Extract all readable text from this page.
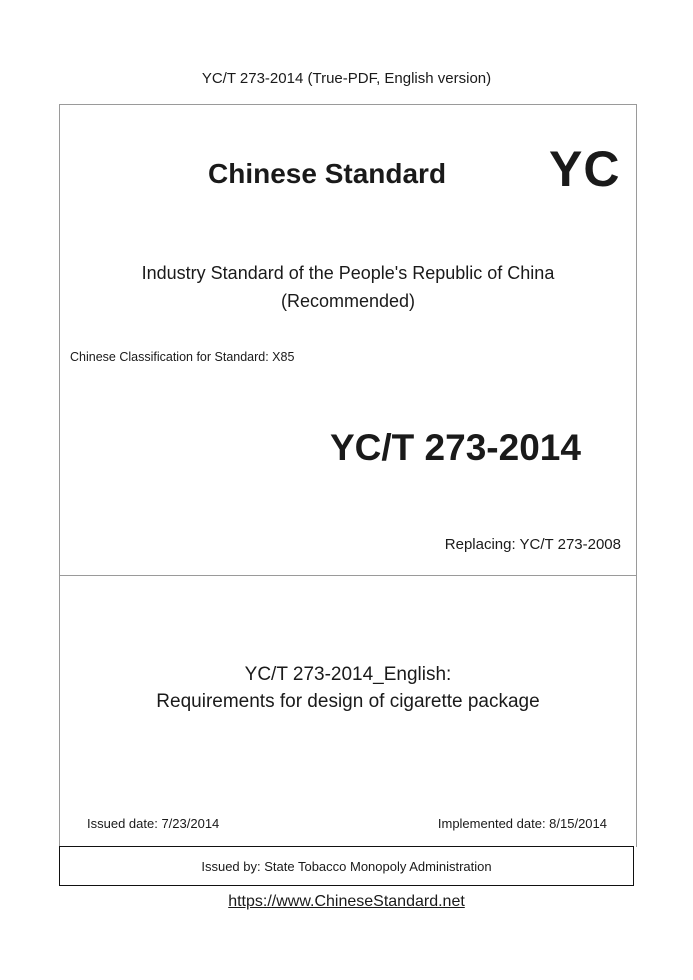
YC/T 273-2014 (True-PDF, English version)
Chinese Standard YC
Industry Standard of the People's Republic of China
(Recommended)
Chinese Classification for Standard: X85
YC/T 273-2014
Replacing: YC/T 273-2008
YC/T 273-2014_English:
Requirements for design of cigarette package
Issued date: 7/23/2014	Implemented date: 8/15/2014
Issued by: State Tobacco Monopoly Administration
https://www.ChineseStandard.net
